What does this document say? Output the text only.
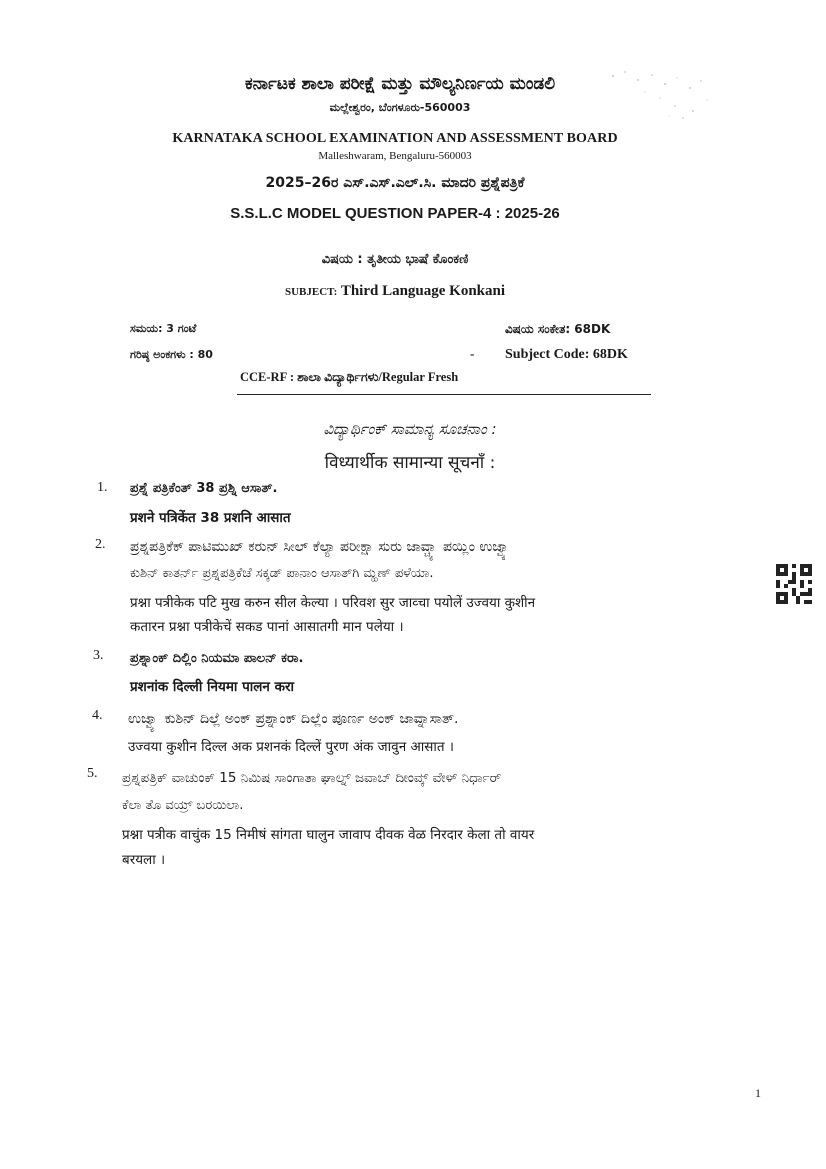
ಕರ್ನಾಟಕ ಶಾಲಾ ಪರೀಕ್ಷೆ ಮತ್ತು ಮೌಲ್ಯನಿರ್ಣಯ ಮಂಡಲಿ
ಮಲ್ಲೇಶ್ವರಂ, ಬೆಂಗಳೂರು-560003
KARNATAKA SCHOOL EXAMINATION AND ASSESSMENT BOARD
Malleshwaram, Bengaluru-560003
2025–26ರ ಎಸ್.ಎಸ್.ಎಲ್.ಸಿ. ಮಾದರಿ ಪ್ರಶ್ನೆಪತ್ರಿಕೆ
S.S.L.C MODEL QUESTION PAPER-4 : 2025-26
ವಿಷಯ : ತೃತೀಯ ಭಾಷೆ ಕೊಂಕಣಿ
SUBJECT: Third Language Konkani
ಸಮಯ: 3 ಗಂಟೆ	ವಿಷಯ ಸಂಕೇತ: 68DK
ಗರಿಷ್ಠ ಅಂಕಗಳು : 80	- Subject Code: 68DK
CCE-RF : ಶಾಲಾ ವಿದ್ಯಾರ್ಥಿಗಳು/Regular Fresh
ವಿದ್ಯಾರ್ಥಿಂಕ್ ಸಾಮಾನ್ಯ ಸೂಚನಾಂ :
विध्यार्थीक सामान्या सूचनाँ :
1. ಪ್ರಶ್ನೆ ಪತ್ರಿಕೆಂತ್ 38 ಪ್ರಶ್ನಿ ಆಸಾತ್.
प्रशने पत्रिकेंत 38 प्रशनि आसात
2. ಪ್ರಶ್ನಪತ್ರಿಕೆಕ್ ಪಾಟಿಮುಖ್ ಕರುನ್ ಸೀಲ್ ಕೆಲ್ಯಾ ಪರೀಕ್ಷಾ ಸುರು ಜಾವ್ಚ್ಯಾ ಪಯ್ಲಿಂ ಉಜ್ವ್ಯಾ
ಕುಶಿನ್ ಕಾತರ್ನ್ ಪ್ರಶ್ನಪತ್ರಿಕೆಚೆ ಸಕ್ಕಡ್ ಪಾನಾಂ ಆಸಾತ್‌ಗಿ ಮ್ಹಣ್ ಪಳೆಯಾ.
प्रश्ना पत्रीकेक पटि मुख करुन सील केल्या । परिवश सुर जाव्चा पयोलें उज्वया कुशीन
कतारन प्रश्ना पत्रीकेचें सकड पानां आसातगी मान पलेया ।
3. ಪ್ರಶ್ನಾಂಕ್ ದಿಲ್ಲಿಂ ನಿಯಮಾ ಪಾಲನ್ ಕರಾ.
प्रशनांक दिल्ली नियमा पालन करा
4. ಉಜ್ವ್ಯಾ ಕುಶಿನ್ ದಿಲ್ಲೆ ಅಂಕ್ ಪ್ರಶ್ನಾಂಕ್ ದಿಲ್ಲೆಂ ಪೂರ್ಣ ಅಂಕ್ ಜಾವ್ನಾಸಾತ್.
उज्वया कुशीन दिल्ल अक प्रशनकं दिल्लें पुरण अंक जावुन आसात ।
5. ಪ್ರಶ್ನಪತ್ರಿಕ್ ವಾಚುಂಕ್ 15 ನಿಮಿಷ ಸಾಂಗಾತಾ ಘಾಲ್ನ್ ಜವಾಬ್ ದೀಂವ್ಕ್ ವೇಳ್ ನಿರ್ಧಾರ್
ಕೆಲಾ ತೊ ವಯ್ರ್ ಬರಯಿಲಾ.
प्रश्ना पत्रीक वाचुंक 15 निमीषं सांगता घालुन जावाप दीवक वेळ निरदार केला तो वायर
बरयला ।
1
